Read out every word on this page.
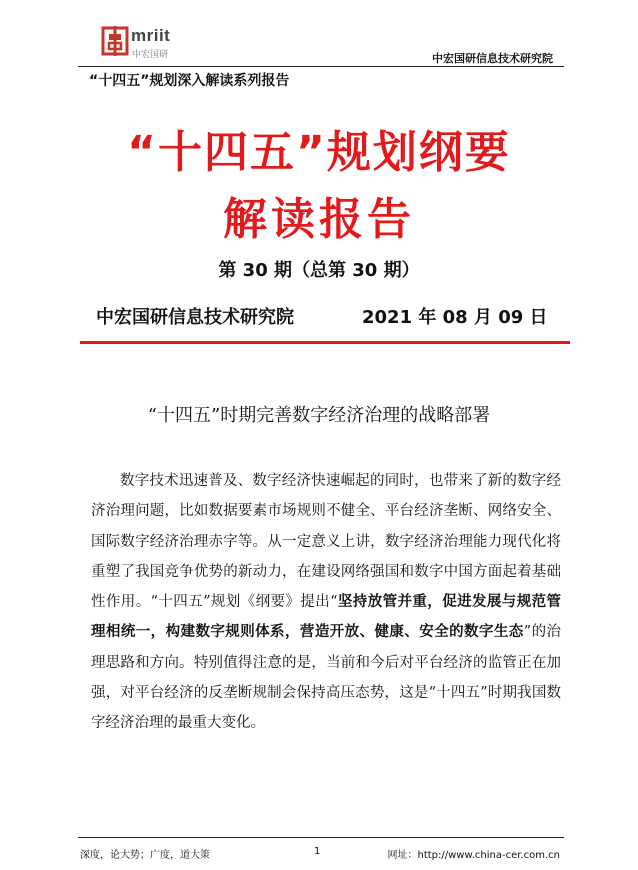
mriit
中宏国研	中宏国研信息技术研究院
“十四五”规划深入解读系列报告
“十四五”规划纲要
解读报告
第 30 期（总第 30 期）
中宏国研信息技术研究院	2021 年 08 月 09 日
“十四五”时期完善数字经济治理的战略部署
数字技术迅速普及、数字经济快速崛起的同时，也带来了新的数字经济治理问题，比如数据要素市场规则不健全、平台经济垄断、网络安全、国际数字经济治理赤字等。从一定意义上讲，数字经济治理能力现代化将重塑了我国竞争优势的新动力，在建设网络强国和数字中国方面起着基础性作用。“十四五”规划《纲要》提出“坚持放管并重，促进发展与规范管理相统一，构建数字规则体系，营造开放、健康、安全的数字生态”的治理思路和方向。特别值得注意的是，当前和今后对平台经济的监管正在加强，对平台经济的反垄断规制会保持高压态势，这是“十四五”时期我国数字经济治理的最重大变化。
深度，论大势；广度，道大策	1	网址：http://www.china-cer.com.cn
